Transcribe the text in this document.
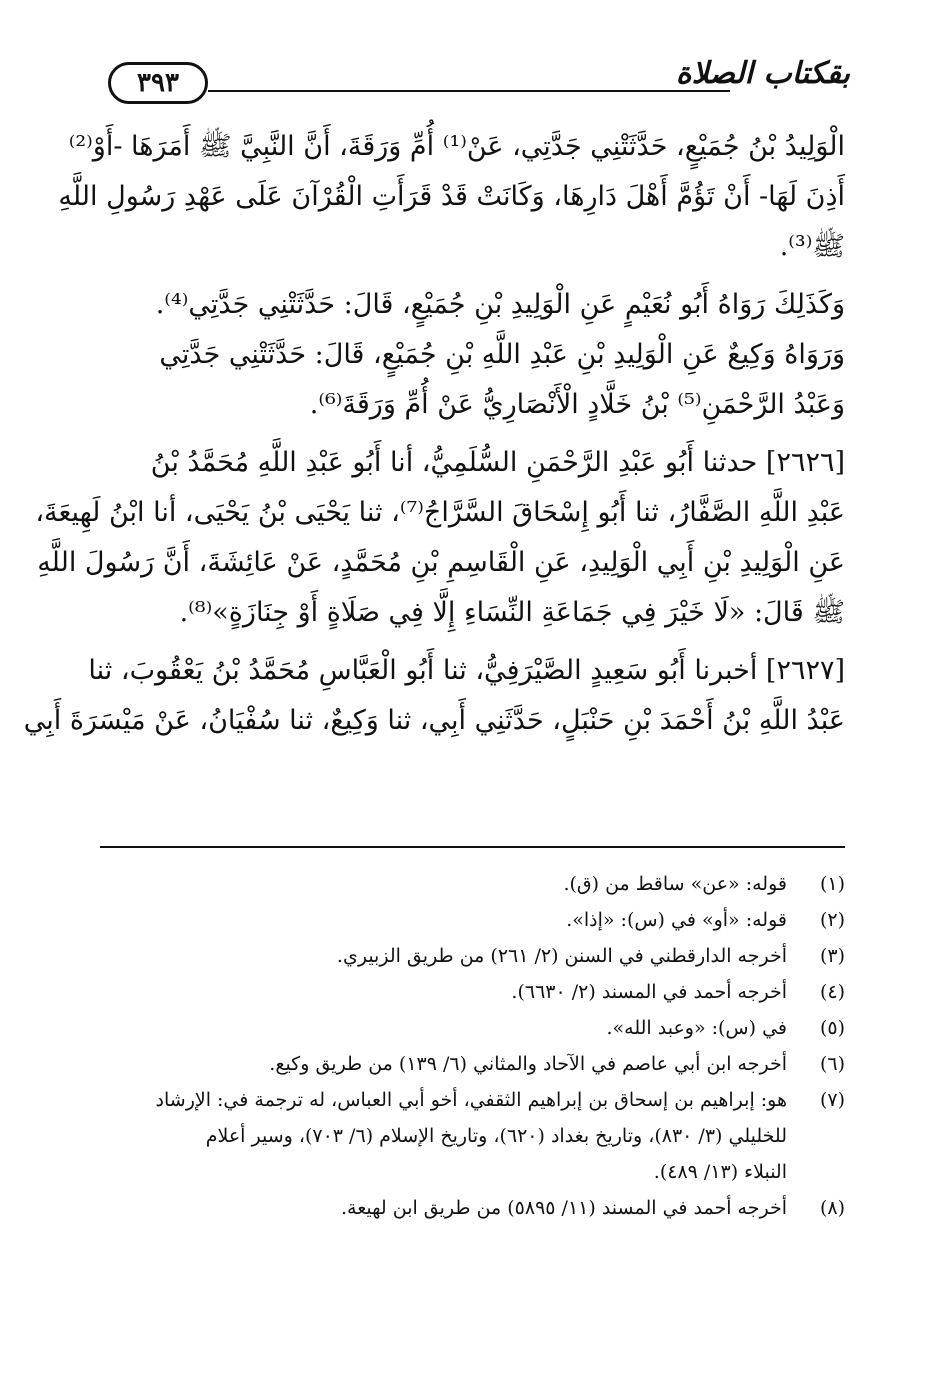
٣٩٣	بقكتاب الصلاة
الْوَلِيدُ بْنُ جُمَيْعٍ، حَدَّثَتْنِي جَدَّتِي، عَنْ⁽¹⁾ أُمِّ وَرَقَةَ، أَنَّ النَّبِيَّ ﷺ أَمَرَهَا -أَوْ⁽²⁾
أَذِنَ لَهَا- أَنْ تَؤُمَّ أَهْلَ دَارِهَا، وَكَانَتْ قَدْ قَرَأَتِ الْقُرْآنَ عَلَى عَهْدِ رَسُولِ اللَّهِ
ﷺ⁽³⁾.
وَكَذَلِكَ رَوَاهُ أَبُو نُعَيْمٍ عَنِ الْوَلِيدِ بْنِ جُمَيْعٍ، قَالَ: حَدَّثَتْنِي جَدَّتِي⁽⁴⁾.
وَرَوَاهُ وَكِيعٌ عَنِ الْوَلِيدِ بْنِ عَبْدِ اللَّهِ بْنِ جُمَيْعٍ، قَالَ: حَدَّثَتْنِي جَدَّتِي
وَعَبْدُ الرَّحْمَنِ⁽⁵⁾ بْنُ خَلَّادٍ الْأَنْصَارِيُّ عَنْ أُمِّ وَرَقَةَ⁽⁶⁾.
[٢٦٢٦] حدثنا أَبُو عَبْدِ الرَّحْمَنِ السُّلَمِيُّ، أنا أَبُو عَبْدِ اللَّهِ مُحَمَّدُ بْنُ
عَبْدِ اللَّهِ الصَّفَّارُ، ثنا أَبُو إِسْحَاقَ السَّرَّاجُ⁽⁷⁾، ثنا يَحْيَى بْنُ يَحْيَى، أنا ابْنُ لَهِيعَةَ،
عَنِ الْوَلِيدِ بْنِ أَبِي الْوَلِيدِ، عَنِ الْقَاسِمِ بْنِ مُحَمَّدٍ، عَنْ عَائِشَةَ، أَنَّ رَسُولَ اللَّهِ
ﷺ قَالَ: «لَا خَيْرَ فِي جَمَاعَةِ النِّسَاءِ إِلَّا فِي صَلَاةٍ أَوْ جِنَازَةٍ»⁽⁸⁾.
[٢٦٢٧] أخبرنا أَبُو سَعِيدٍ الصَّيْرَفِيُّ، ثنا أَبُو الْعَبَّاسِ مُحَمَّدُ بْنُ يَعْقُوبَ، ثنا
عَبْدُ اللَّهِ بْنُ أَحْمَدَ بْنِ حَنْبَلٍ، حَدَّثَنِي أَبِي، ثنا وَكِيعٌ، ثنا سُفْيَانُ، عَنْ مَيْسَرَةَ أَبِي
(١)
قوله: «عن» ساقط من (ق).
(٢)
قوله: «أو» في (س): «إذا».
(٣)
أخرجه الدارقطني في السنن (٢/ ٢٦١) من طريق الزبيري.
(٤)
أخرجه أحمد في المسند (٢/ ٦٦٣٠).
(٥)
في (س): «وعبد الله».
(٦)
أخرجه ابن أبي عاصم في الآحاد والمثاني (٦/ ١٣٩) من طريق وكيع.
(٧)
هو: إبراهيم بن إسحاق بن إبراهيم الثقفي، أخو أبي العباس، له ترجمة في: الإرشاد
للخليلي (٣/ ٨٣٠)، وتاريخ بغداد (٦٢٠)، وتاريخ الإسلام (٦/ ٧٠٣)، وسير أعلام
النبلاء (١٣/ ٤٨٩).
(٨)
أخرجه أحمد في المسند (١١/ ٥٨٩٥) من طريق ابن لهيعة.
